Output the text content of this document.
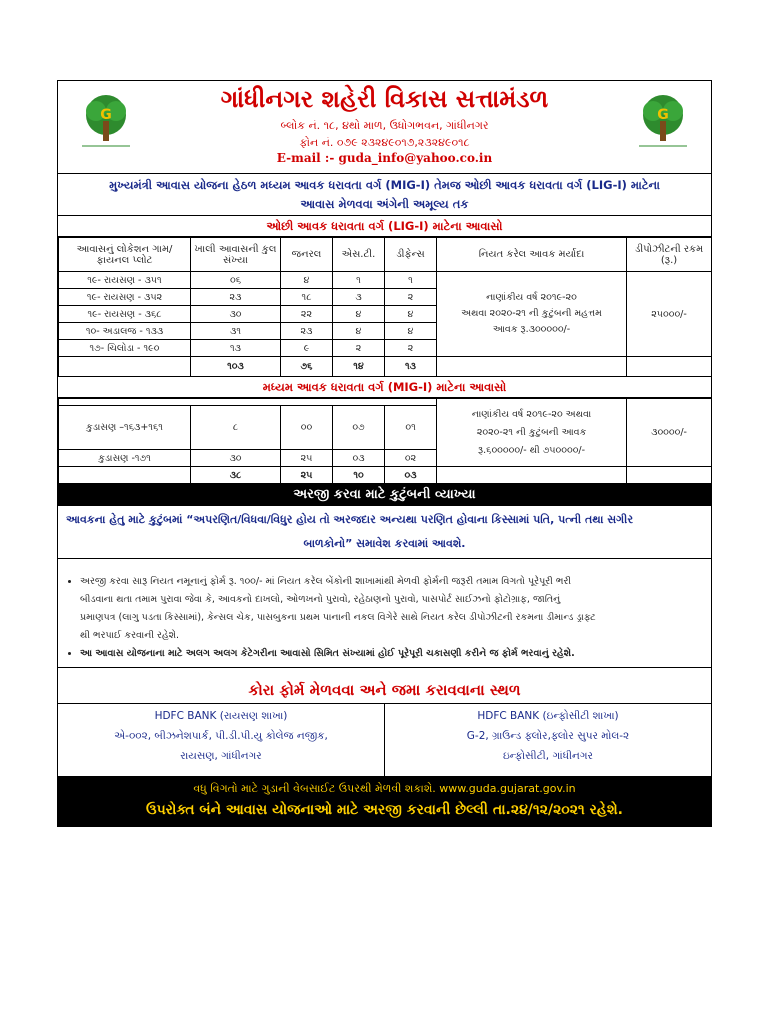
G
ગાંધીનગર શહેરી વિકાસ સત્તામંડળ
બ્લોક નં. ૧૮, ૪થો માળ, ઉધોગભવન, ગાંધીનગર
ફોન નં. ૦૭૯ ૨૩૨૪૯૦૧૭,૨૩૨૪૯૦૧૮
E-mail :- guda_info@yahoo.co.in
G
મુખ્યમંત્રી આવાસ યોજના હેઠળ મધ્યમ આવક ધરાવતા વર્ગ (MIG-I) તેમજ ઓછી આવક ધરાવતા વર્ગ (LIG-I) માટેના
આવાસ મેળવવા અંગેની અમૂલ્ય તક
ઓછી આવક ધરાવતા વર્ગ (LIG-I) માટેના આવાસો
આવાસનું લોકેશન ગામ/ ફાયનલ પ્લોટ	ખાલી આવાસની કુલ સંખ્યા	જનરલ	એસ.ટી.	ડીફેન્સ	નિયત કરેલ આવક મર્યાદા	ડીપોઝીટની રકમ (રૂ.)
૧૯- રાયસણ - ૩૫૧	૦૬	૪	૧	૧	નાણાંકીય વર્ષ ૨૦૧૯-૨૦
અથવા ૨૦૨૦-૨૧ ની કુટુંબની મહત્તમ
આવક રૂ.૩૦૦૦૦૦/-	૨૫૦૦૦/-
૧૯- રાયસણ - ૩૫૨	૨૩	૧૮	૩	૨		
૧૯- રાયસણ - ૩૬૮	૩૦	૨૨	૪	૪		
૧૦- અડાલજ - ૧૩૩	૩૧	૨૩	૪	૪		
૧૭- ચિલોડા - ૧૯૦	૧૩	૯	૨	૨		
	૧૦૩	૭૬	૧૪	૧૩		
મધ્યમ આવક ધરાવતા વર્ગ (MIG-I) માટેના આવાસો

					નાણાંકીય વર્ષ ૨૦૧૯-૨૦ અથવા
૨૦૨૦-૨૧ ની કુટુંબની આવક
રૂ.૬૦૦૦૦૦/- થી ૭૫૦૦૦૦/-	૩૦૦૦૦/-
કુડાસણ –૧૬૩+૧૬૧	૮	૦૦	૦૭	૦૧		
કુડાસણ -૧૭૧	૩૦	૨૫	૦૩	૦૨		
	૩૮	૨૫	૧૦	૦૩		
અરજી કરવા માટે કુટુંબની વ્યાખ્યા
આવકના હેતુ માટે કુટુંબમાં “અપરણિત/વિધવા/વિધુર હોય તો અરજદાર અન્યથા પરણિત હોવાના કિસ્સામાં પતિ, પત્ની તથા સગીર
બાળકોનો” સમાવેશ કરવામાં આવશે.
• અરજી કરવા સારૂ નિયત નમૂનાનું ફોર્મ રૂ. ૧૦૦/- માં નિયત કરેલ બેંકોની શાખામાંથી મેળવી ફોર્મની જરૂરી તમામ વિગતો પૂરેપૂરી ભરી
બીડવાના થતા તમામ પુરાવા જેવા કે, આવકનો દાખલો, ઓળખનો પુરાવો, રહેઠાણનો પુરાવો, પાસપોર્ટ સાઈઝનો ફોટોગ્રાફ, જાતિનું
પ્રમાણપત્ર (લાગુ પડતા કિસ્સામાં), કેન્સલ ચેક, પાસબુકના પ્રથમ પાનાની નકલ વિગેરે સાથે નિયત કરેલ ડીપોઝીટની રકમના ડીમાન્ડ ડ્રાફ્ટ
થી ભરપાઈ કરવાની રહેશે.
• આ આવાસ યોજનાના માટે અલગ અલગ કેટેગરીના આવાસો સિમિત સંખ્યામાં હોઈ પૂરેપૂરી ચકાસણી કરીને જ ફોર્મ ભરવાનું રહેશે.
કોરા ફોર્મ મેળવવા અને જમા કરાવવાના સ્થળ
HDFC BANK (રાયસણ શાખા)
એ-૦૦૨, બીઝનેશપાર્ક, પી.ડી.પી.યુ કોલેજ નજીક,
રાયસણ, ગાંધીનગર
HDFC BANK (ઇન્ફોસીટી શાખા)
G-2, ગ્રાઉન્ડ ફ્લોર,ફ્લોર સુપર મોલ-૨
ઇન્ફોસીટી, ગાંધીનગર
વધુ વિગતો માટે ગુડાની વેબસાઈટ ઉપરથી મેળવી શકાશે. www.guda.gujarat.gov.in
ઉપરોક્ત બંને આવાસ યોજનાઓ માટે અરજી કરવાની છેલ્લી તા.૨૪/૧૨/૨૦૨૧ રહેશે.
